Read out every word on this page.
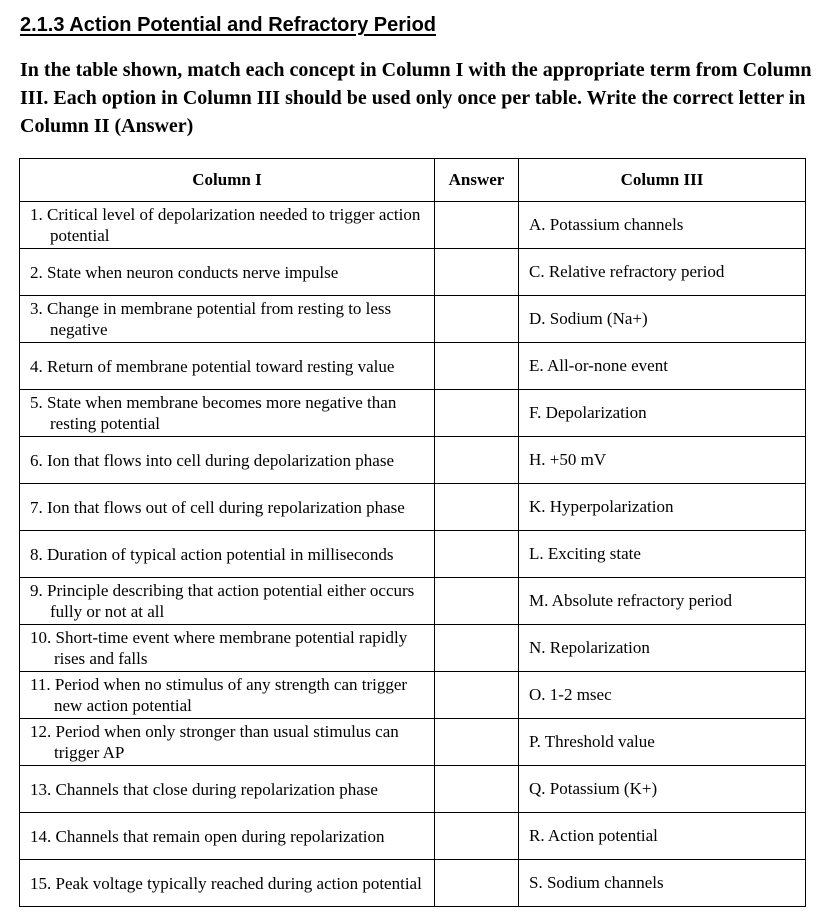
2.1.3 Action Potential and Refractory Period

In the table shown, match each concept in Column I with the appropriate term from Column III. Each option in Column III should be used only once per table. Write the correct letter in Column II (Answer)

Column I	Answer	Column III

1. Critical level of depolarization needed to trigger action potential		A. Potassium channels

2. State when neuron conducts nerve impulse		C. Relative refractory period

3. Change in membrane potential from resting to less negative		D. Sodium (Na+)

4. Return of membrane potential toward resting value		E. All-or-none event

5. State when membrane becomes more negative than resting potential		F. Depolarization

6. Ion that flows into cell during depolarization phase		H. +50 mV

7. Ion that flows out of cell during repolarization phase		K. Hyperpolarization

8. Duration of typical action potential in milliseconds		L. Exciting state

9. Principle describing that action potential either occurs fully or not at all		M. Absolute refractory period

10. Short-time event where membrane potential rapidly rises and falls		N. Repolarization

11. Period when no stimulus of any strength can trigger new action potential		O. 1-2 msec

12. Period when only stronger than usual stimulus can trigger AP		P. Threshold value

13. Channels that close during repolarization phase		Q. Potassium (K+)

14. Channels that remain open during repolarization		R. Action potential

15. Peak voltage typically reached during action potential		S. Sodium channels
